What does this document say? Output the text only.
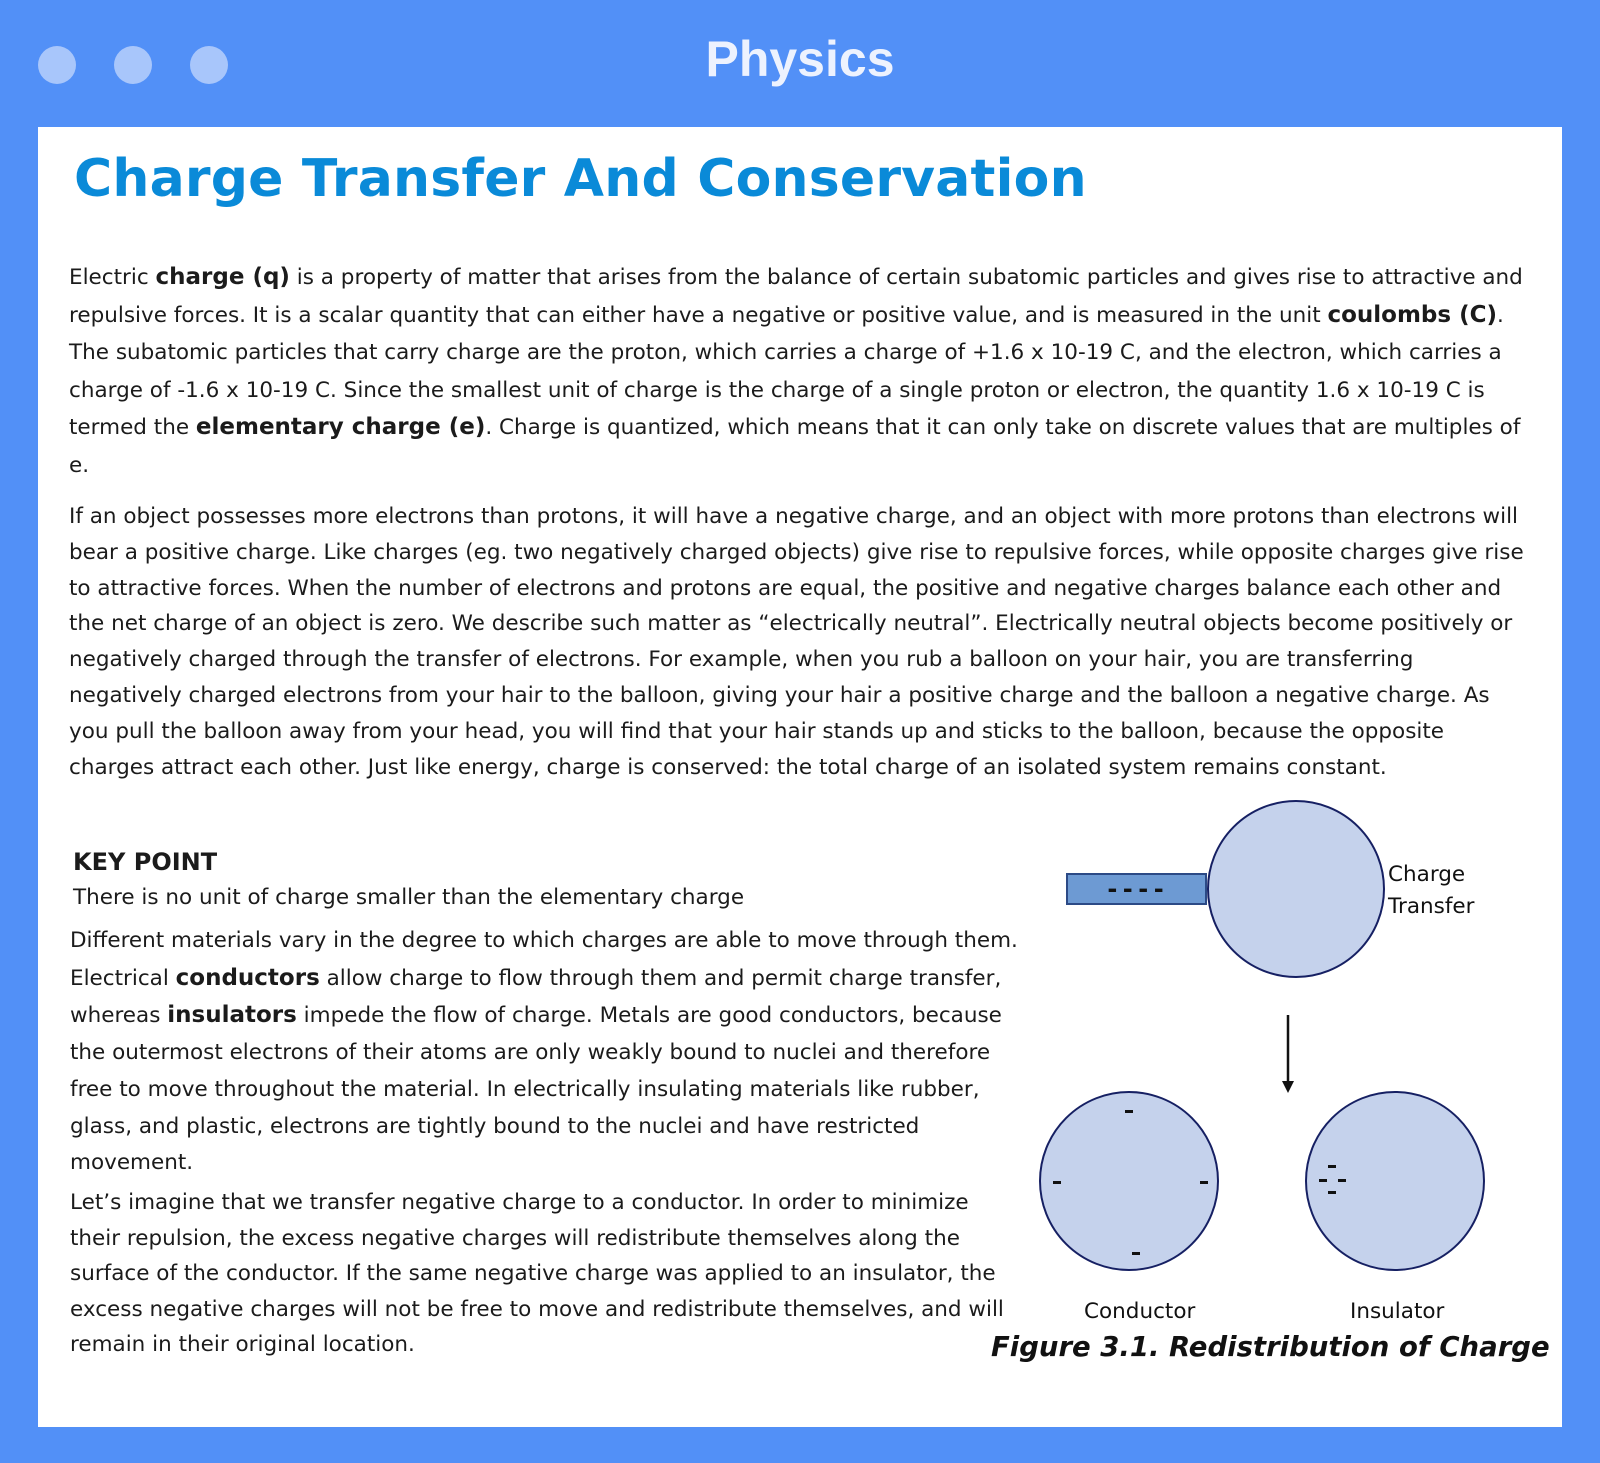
Physics
Charge Transfer And Conservation

Electric charge (q) is a property of matter that arises from the balance of certain subatomic particles and gives rise to attractive and repulsive forces. It is a scalar quantity that can either have a negative or positive value, and is measured in the unit coulombs (C). The subatomic particles that carry charge are the proton, which carries a charge of +1.6 x 10-19 C, and the electron, which carries a charge of -1.6 x 10-19 C. Since the smallest unit of charge is the charge of a single proton or electron, the quantity 1.6 x 10-19 C is termed the elementary charge (e). Charge is quantized, which means that it can only take on discrete values that are multiples of e.

If an object possesses more electrons than protons, it will have a negative charge, and an object with more protons than electrons will bear a positive charge. Like charges (eg. two negatively charged objects) give rise to repulsive forces, while opposite charges give rise to attractive forces. When the number of electrons and protons are equal, the positive and negative charges balance each other and the net charge of an object is zero. We describe such matter as “electrically neutral”. Electrically neutral objects become positively or negatively charged through the transfer of electrons. For example, when you rub a balloon on your hair, you are transferring negatively charged electrons from your hair to the balloon, giving your hair a positive charge and the balloon a negative charge. As you pull the balloon away from your head, you will find that your hair stands up and sticks to the balloon, because the opposite charges attract each other. Just like energy, charge is conserved: the total charge of an isolated system remains constant.

KEY POINT

There is no unit of charge smaller than the elementary charge

Different materials vary in the degree to which charges are able to move through them. Electrical conductors allow charge to flow through them and permit charge transfer, whereas insulators impede the flow of charge. Metals are good conductors, because the outermost electrons of their atoms are only weakly bound to nuclei and therefore free to move throughout the material. In electrically insulating materials like rubber, glass, and plastic, electrons are tightly bound to the nuclei and have restricted movement.

Let’s imagine that we transfer negative charge to a conductor. In order to minimize their repulsion, the excess negative charges will redistribute themselves along the surface of the conductor. If the same negative charge was applied to an insulator, the excess negative charges will not be free to move and redistribute themselves, and will remain in their original location.

----
Charge
Transfer
Conductor	Insulator
Figure 3.1. Redistribution of Charge
